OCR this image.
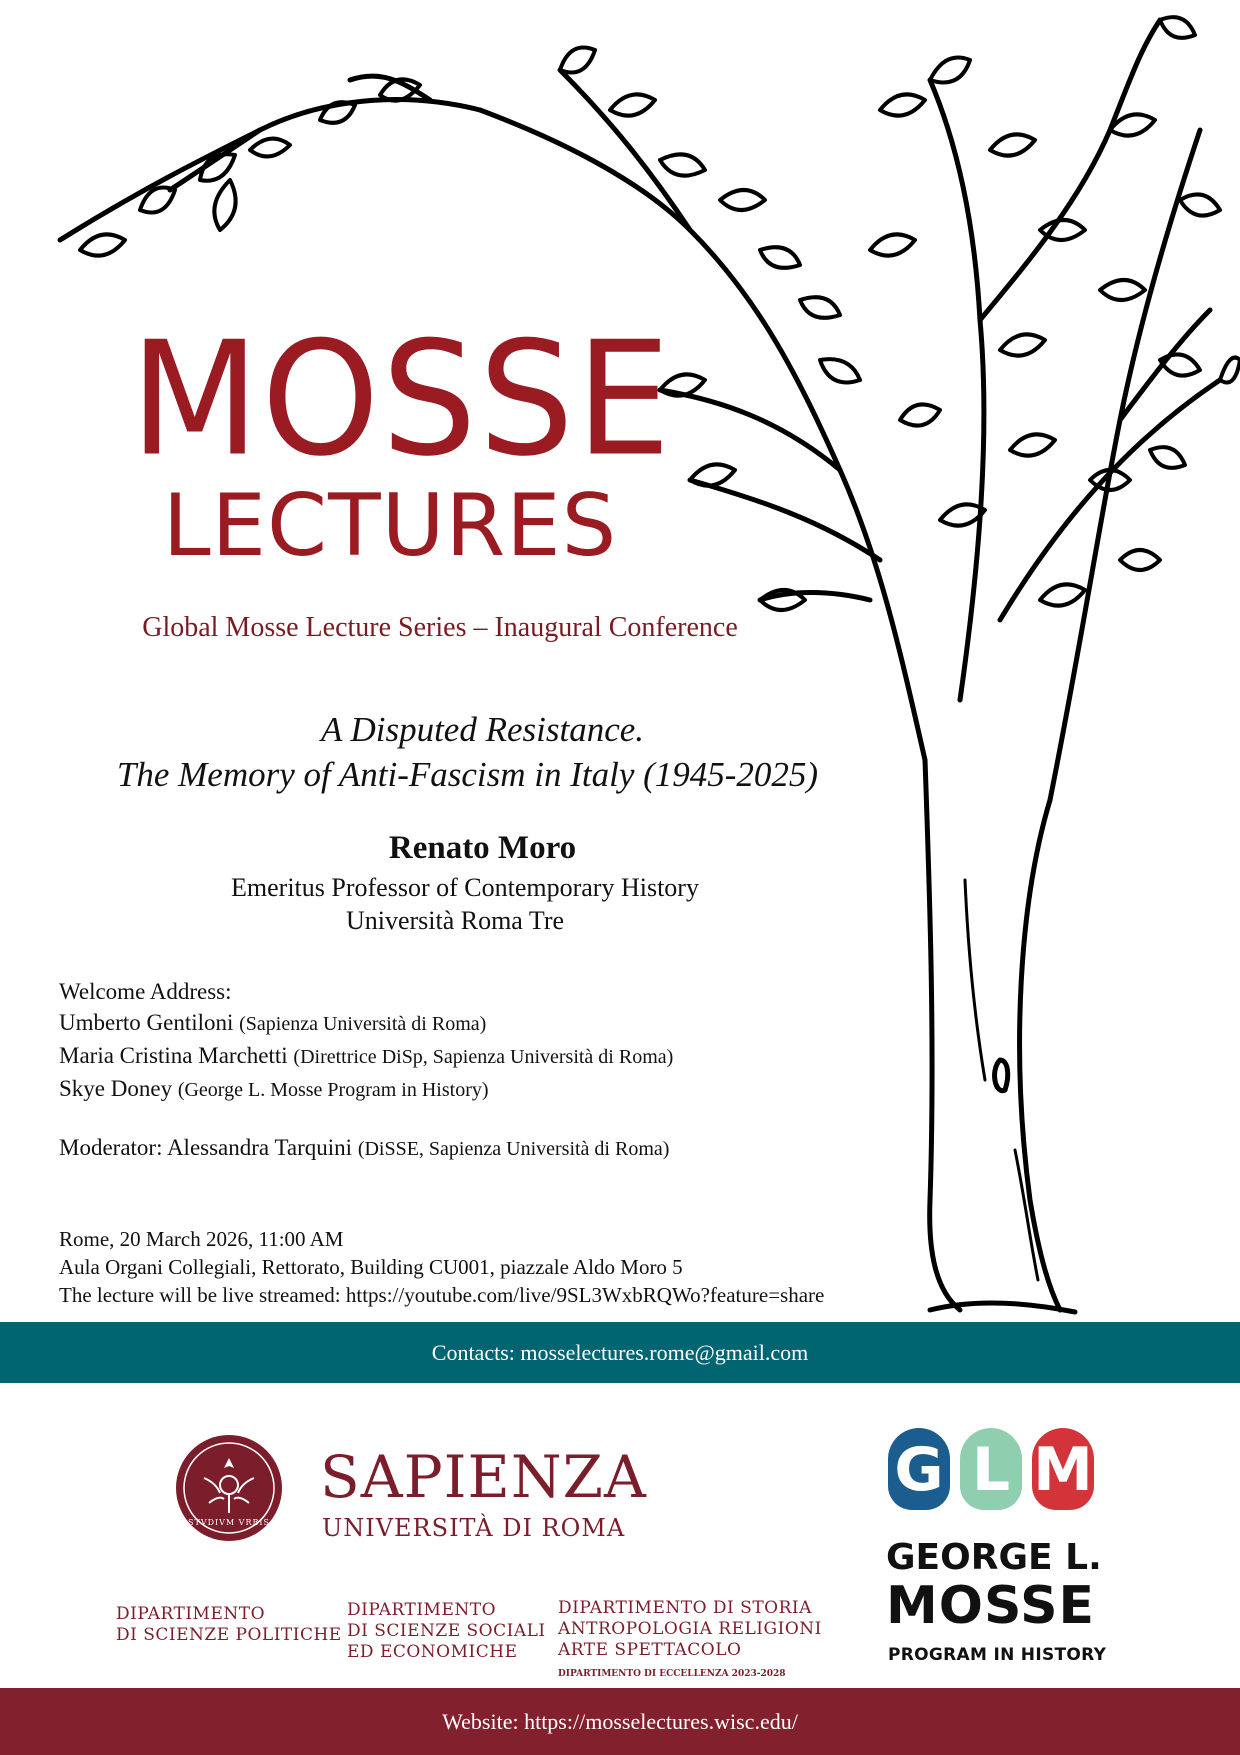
MOSSE
LECTURES
Global Mosse Lecture Series – Inaugural Conference
A Disputed Resistance.
The Memory of Anti-Fascism in Italy (1945-2025)
Renato Moro
Emeritus Professor of Contemporary History
Università Roma Tre
Welcome Address:
Umberto Gentiloni (Sapienza Università di Roma)
Maria Cristina Marchetti (Direttrice DiSp, Sapienza Università di Roma)
Skye Doney (George L. Mosse Program in History)
Moderator: Alessandra Tarquini (DiSSE, Sapienza Università di Roma)
Rome, 20 March 2026, 11:00 AM
Aula Organi Collegiali, Rettorato, Building CU001, piazzale Aldo Moro 5
The lecture will be live streamed: https://youtube.com/live/9SL3WxbRQWo?feature=share
Contacts: mosselectures.rome@gmail.com
STVDIVM VRBIS
SAPIENZA
UNIVERSITÀ DI ROMA
DIPARTIMENTO
DI SCIENZE POLITICHE
DIPARTIMENTO
DI SCIENZE SOCIALI
ED ECONOMICHE
DIPARTIMENTO DI STORIA
ANTROPOLOGIA RELIGIONI
ARTE SPETTACOLO
DIPARTIMENTO DI ECCELLENZA 2023-2028
G L M
GEORGE L.
MOSSE
PROGRAM IN HISTORY
Website: https://mosselectures.wisc.edu/
